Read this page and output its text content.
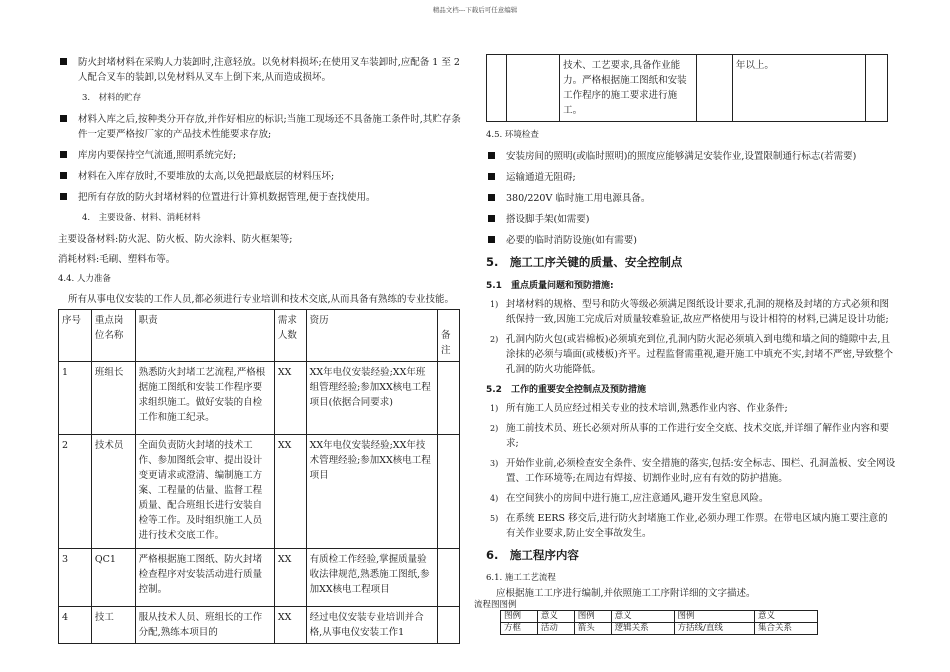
精品文档---下载后可任意编辑
防火封堵材料在采购人力装卸时,注意轻放。以免材料损坏;在使用叉车装卸时,应配备 1 至 2 人配合叉车的装卸,以免材料从叉车上倒下来,从而造成损坏。
3.　材料的贮存
材料入库之后,按种类分开存放,并作好相应的标识;当施工现场还不具备施工条件时,其贮存条件一定要严格按厂家的产品技术性能要求存放;
库房内要保持空气流通,照明系统完好;
材料在入库存放时,不要堆放的太高,以免把最底层的材料压坏;
把所有存放的防火封堵材料的位置进行计算机数据管理,便于查找使用。
4.　主要设备、材料、消耗材料
主要设备材料:防火泥、防火板、防火涂料、防火框架等;
消耗材料:毛刷、塑料布等。
4.4. 人力准备
所有从事电仪安装的工作人员,都必须进行专业培训和技术交底,从而具备有熟练的专业技能。
序号	重点岗位名称	职责	需求人数	资历	备注
1	班组长	熟悉防火封堵工艺流程,严格根据施工图纸和安装工作程序要求组织施工。做好安装的自检工作和施工纪录。	XX	XX年电仪安装经验;XX年班组管理经验;参加XX核电工程项目(依据合同要求)	
2	技术员	全面负责防火封堵的技术工作、参加图纸会审、提出设计变更请求或澄清、编制施工方案、工程量的估量、监督工程质量、配合班组长进行安装自检等工作。及时组织施工人员进行技术交底工作。	XX	XX年电仪安装经验;XX年技术管理经验;参加XX核电工程项目	
3	QC1	严格根据施工图纸、防火封堵检查程序对安装活动进行质量控制。	XX	有质检工作经验,掌握质量验收法律规范,熟悉施工图纸,参加XX核电工程项目	
4	技工	服从技术人员、班组长的工作分配,熟练本项目的	XX	经过电仪安装专业培训并合格,从事电仪安装工作1	
		技术、工艺要求,具备作业能力。严格根据施工图纸和安装工作程序的施工要求进行施工。		年以上。	
4.5. 环境检查
安装房间的照明(或临时照明)的照度应能够满足安装作业,设置限制通行标志(若需要)
运输通道无阻碍;
380/220V 临时施工用电源具备。
搭设脚手架(如需要)
必要的临时消防设施(如有需要)
5.　施工工序关键的质量、安全控制点
5.1　重点质量问题和预防措施:
1) 封堵材料的规格、型号和防火等级必须满足图纸设计要求,孔洞的规格及封堵的方式必须和图纸保持一致,因施工完成后对质量较难验证,故应严格使用与设计相符的材料,已满足设计功能;
2) 孔洞内防火包(或岩棉板)必须填充到位,孔洞内防火泥必须填入到电缆和墙之间的缝隙中去,且涂抹的必须与墙面(或楼板)齐平。过程监督需重视,避开施工中填充不实,封堵不严密,导致整个孔洞的防火功能降低。
5.2　工作的重要安全控制点及预防措施
1) 所有施工人员应经过相关专业的技术培训,熟悉作业内容、作业条件;
2) 施工前技术员、班长必须对所从事的工作进行安全交底、技术交底,并详细了解作业内容和要求;
3) 开始作业前,必须检查安全条件、安全措施的落实,包括:安全标志、围栏、孔洞盖板、安全网设置、工作环境等;在周边有焊接、切割作业时,应有有效的防护措施。
4) 在空间狭小的房间中进行施工,应注意通风,避开发生窒息风险。
5) 在系统 EERS 移交后,进行防火封堵施工作业,必须办理工作票。在带电区域内施工要注意的有关作业要求,防止安全事故发生。
6.　施工程序内容
6.1. 施工工艺流程
应根据施工工序进行编制,并依照施工工序附详细的文字描述。
流程图图例
图例	意义	图例	意义	图例	意义
方框	活动	箭头	逻辑关系	方括线/直线	集合关系
